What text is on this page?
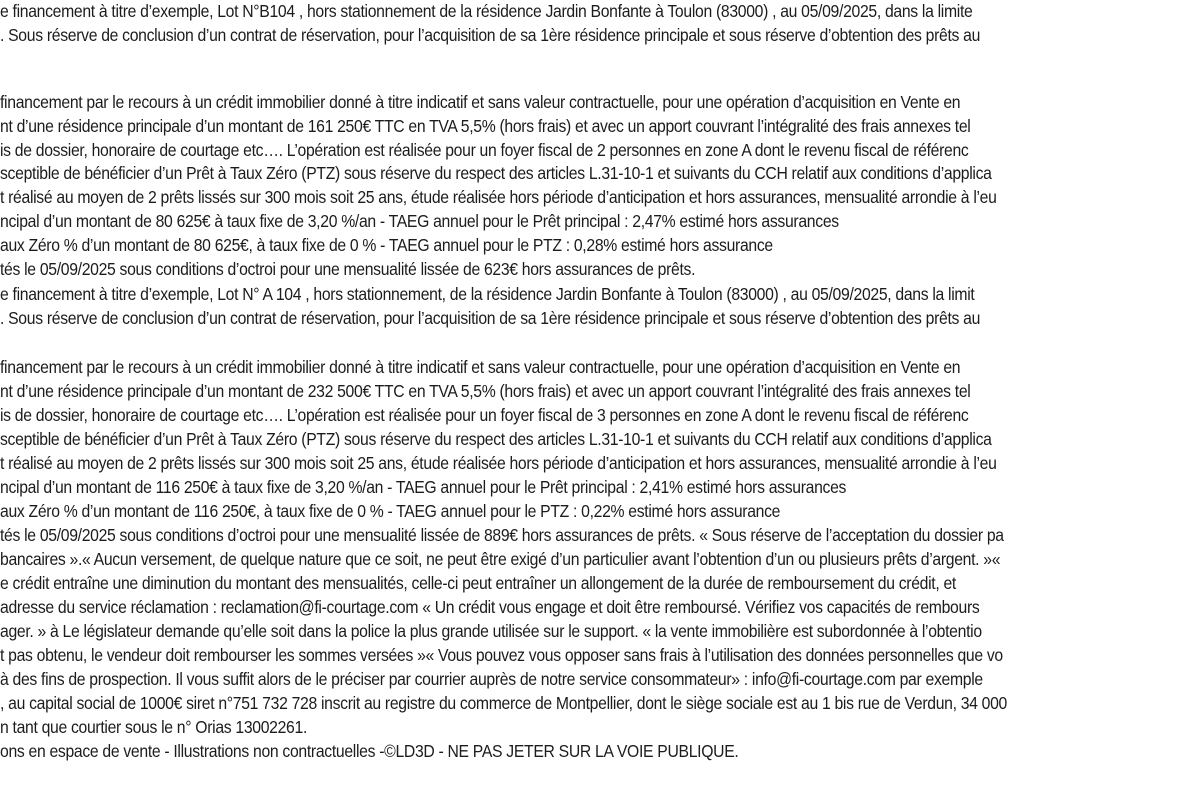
e financement à titre d’exemple, Lot N°B104 , hors stationnement de la résidence Jardin Bonfante à Toulon (83000) , au 05/09/2025, dans la limite
. Sous réserve de conclusion d’un contrat de réservation, pour l’acquisition de sa 1ère résidence principale et sous réserve d’obtention des prêts au
financement par le recours à un crédit immobilier donné à titre indicatif et sans valeur contractuelle, pour une opération d’acquisition en Vente en
nt d’une résidence principale d’un montant de 161 250€ TTC en TVA 5,5% (hors frais) et avec un apport couvrant l’intégralité des frais annexes tel
is de dossier, honoraire de courtage etc…. L’opération est réalisée pour un foyer fiscal de 2 personnes en zone A dont le revenu fiscal de référenc
sceptible de bénéficier d’un Prêt à Taux Zéro (PTZ) sous réserve du respect des articles L.31-10-1 et suivants du CCH relatif aux conditions d’applica
t réalisé au moyen de 2 prêts lissés sur 300 mois soit 25 ans, étude réalisée hors période d’anticipation et hors assurances, mensualité arrondie à l’eu
ncipal d’un montant de 80 625€ à taux fixe de 3,20 %/an - TAEG annuel pour le Prêt principal : 2,47% estimé hors assurances
aux Zéro % d’un montant de 80 625€, à taux fixe de 0 % - TAEG annuel pour le PTZ : 0,28% estimé hors assurance
tés le 05/09/2025 sous conditions d’octroi pour une mensualité lissée de 623€ hors assurances de prêts.
e financement à titre d’exemple, Lot N° A 104 , hors stationnement, de la résidence Jardin Bonfante à Toulon (83000) , au 05/09/2025, dans la limit
. Sous réserve de conclusion d’un contrat de réservation, pour l’acquisition de sa 1ère résidence principale et sous réserve d’obtention des prêts au
financement par le recours à un crédit immobilier donné à titre indicatif et sans valeur contractuelle, pour une opération d’acquisition en Vente en
nt d’une résidence principale d’un montant de 232 500€ TTC en TVA 5,5% (hors frais) et avec un apport couvrant l’intégralité des frais annexes tel
is de dossier, honoraire de courtage etc…. L’opération est réalisée pour un foyer fiscal de 3 personnes en zone A dont le revenu fiscal de référenc
sceptible de bénéficier d’un Prêt à Taux Zéro (PTZ) sous réserve du respect des articles L.31-10-1 et suivants du CCH relatif aux conditions d’applica
t réalisé au moyen de 2 prêts lissés sur 300 mois soit 25 ans, étude réalisée hors période d’anticipation et hors assurances, mensualité arrondie à l’eu
ncipal d’un montant de 116 250€ à taux fixe de 3,20 %/an - TAEG annuel pour le Prêt principal : 2,41% estimé hors assurances
aux Zéro % d’un montant de 116 250€, à taux fixe de 0 % - TAEG annuel pour le PTZ : 0,22% estimé hors assurance
tés le 05/09/2025 sous conditions d’octroi pour une mensualité lissée de 889€ hors assurances de prêts. « Sous réserve de l’acceptation du dossier pa
bancaires ».« Aucun versement, de quelque nature que ce soit, ne peut être exigé d’un particulier avant l’obtention d’un ou plusieurs prêts d’argent. »«
e crédit entraîne une diminution du montant des mensualités, celle-ci peut entraîner un allongement de la durée de remboursement du crédit, et
adresse du service réclamation : reclamation@fi-courtage.com « Un crédit vous engage et doit être remboursé. Vérifiez vos capacités de rembours
ager. » à Le législateur demande qu’elle soit dans la police la plus grande utilisée sur le support. « la vente immobilière est subordonnée à l’obtentio
t pas obtenu, le vendeur doit rembourser les sommes versées »« Vous pouvez vous opposer sans frais à l’utilisation des données personnelles que vo
à des fins de prospection. Il vous suffit alors de le préciser par courrier auprès de notre service consommateur» : info@fi-courtage.com par exemple
, au capital social de 1000€ siret n°751 732 728 inscrit au registre du commerce de Montpellier, dont le siège sociale est au 1 bis rue de Verdun, 34 000
n tant que courtier sous le n° Orias 13002261.
ons en espace de vente - Illustrations non contractuelles -©LD3D - NE PAS JETER SUR LA VOIE PUBLIQUE.
